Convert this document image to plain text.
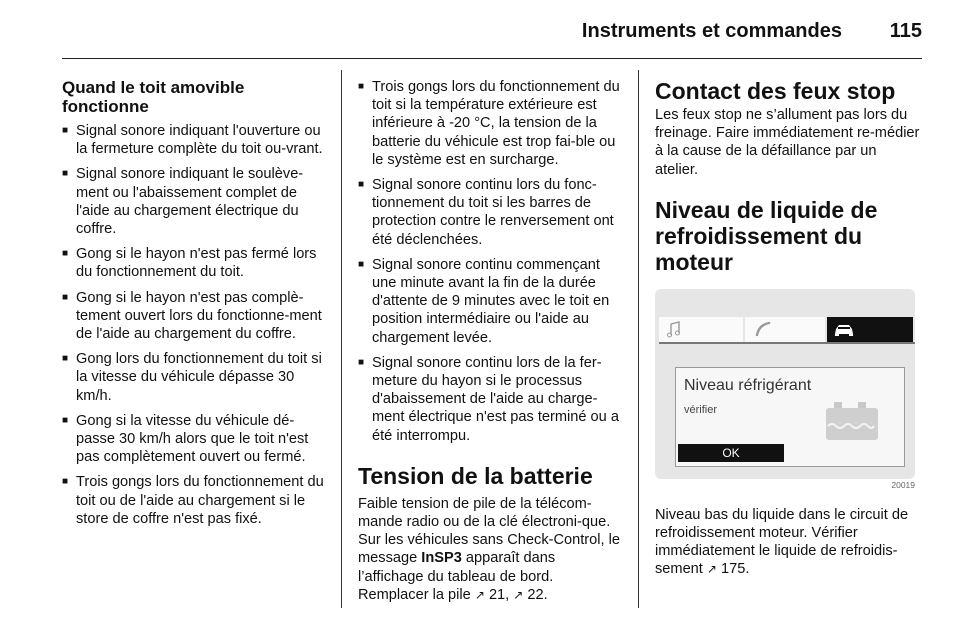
Instruments et commandes 115
Quand le toit amovible fonctionne
■ Signal sonore indiquant l'ouverture ou la fermeture complète du toit ou-vrant.
■ Signal sonore indiquant le soulève-ment ou l'abaissement complet de l'aide au chargement électrique du coffre.
■ Gong si le hayon n'est pas fermé lors du fonctionnement du toit.
■ Gong si le hayon n'est pas complè-tement ouvert lors du fonctionne-ment de l'aide au chargement du coffre.
■ Gong lors du fonctionnement du toit si la vitesse du véhicule dépasse 30 km/h.
■ Gong si la vitesse du véhicule dé-passe 30 km/h alors que le toit n'est pas complètement ouvert ou fermé.
■ Trois gongs lors du fonctionnement du toit ou de l'aide au chargement si le store de coffre n'est pas fixé.
■ Trois gongs lors du fonctionnement du toit si la température extérieure est inférieure à -20 °C, la tension de la batterie du véhicule est trop fai-ble ou le système est en surcharge.
■ Signal sonore continu lors du fonc-tionnement du toit si les barres de protection contre le renversement ont été déclenchées.
■ Signal sonore continu commençant une minute avant la fin de la durée d'attente de 9 minutes avec le toit en position intermédiaire ou l'aide au chargement levée.
■ Signal sonore continu lors de la fer-meture du hayon si le processus d'abaissement de l'aide au charge-ment électrique n'est pas terminé ou a été interrompu.
Tension de la batterie

Faible tension de pile de la télécom-mande radio ou de la clé électroni-que. Sur les véhicules sans Check-Control, le message InSP3 apparaît dans l’affichage du tableau de bord. Remplacer la pile ↗ 21, ↗ 22.

Contact des feux stop

Les feux stop ne s’allument pas lors du freinage. Faire immédiatement re-médier à la cause de la défaillance par un atelier.

Niveau de liquide de refroidissement du moteur
Niveau réfrigérant
vérifier
OK
20019

Niveau bas du liquide dans le circuit de refroidissement moteur. Vérifier immédiatement le liquide de refroidis-sement ↗ 175.
